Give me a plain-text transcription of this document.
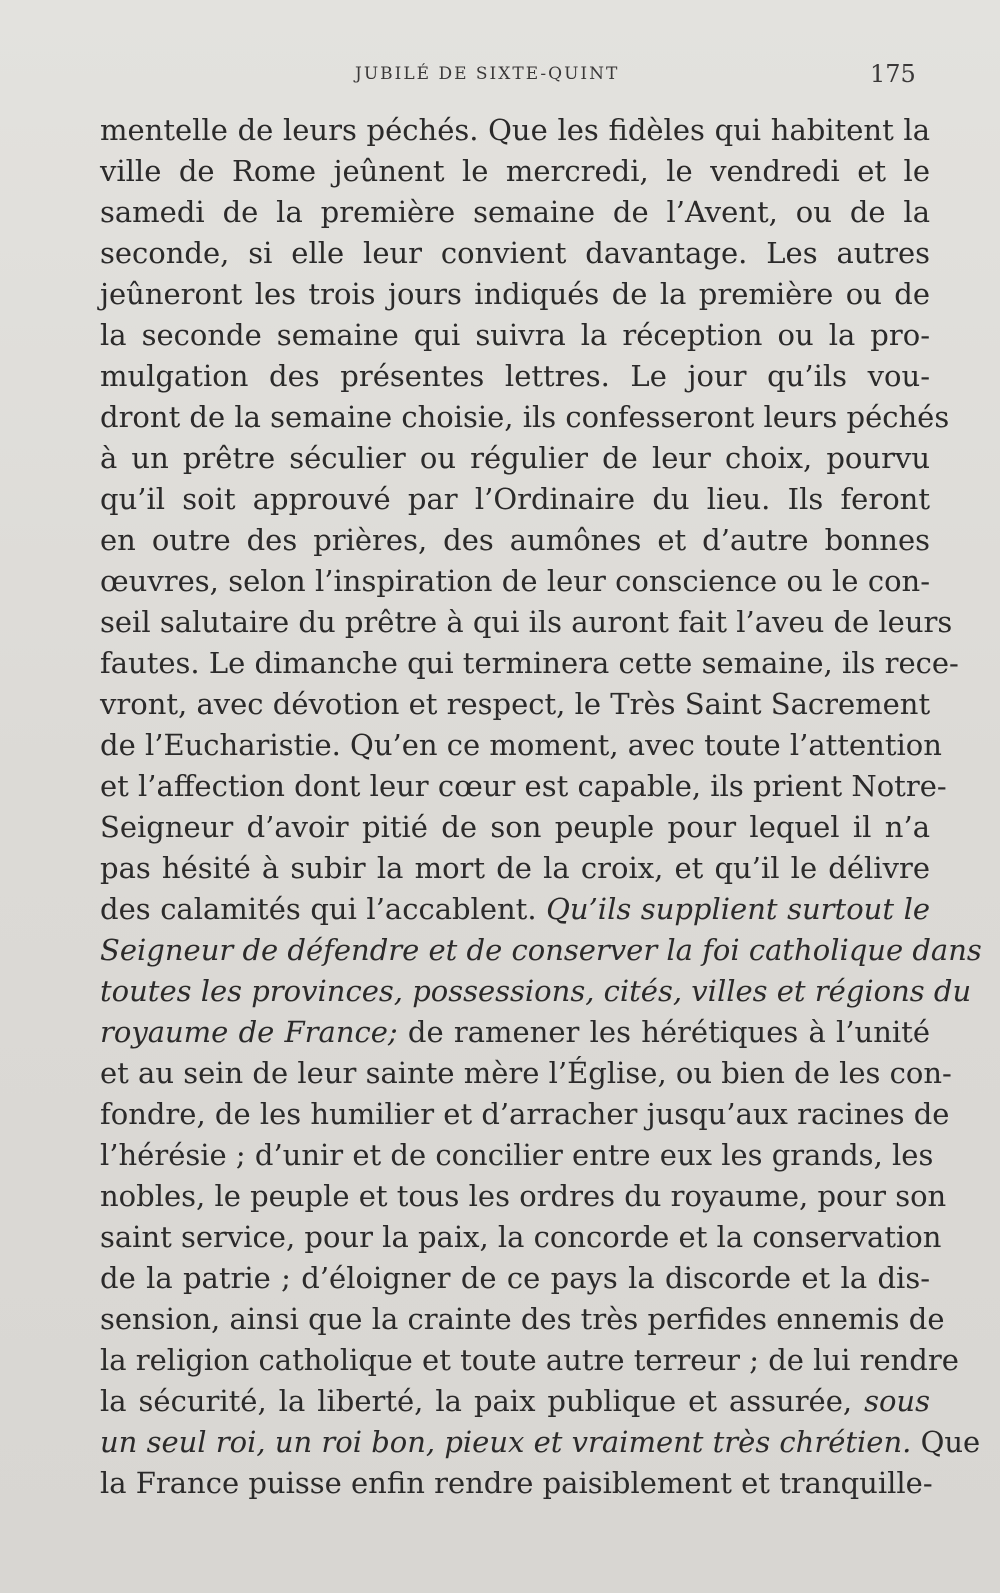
JUBILÉ DE SIXTE-QUINT	175
mentelle de leurs péchés. Que les fidèles qui habitent la
ville de Rome jeûnent le mercredi, le vendredi et le
samedi de la première semaine de l’Avent, ou de la
seconde, si elle leur convient davantage. Les autres
jeûneront les trois jours indiqués de la première ou de
la seconde semaine qui suivra la réception ou la pro-
mulgation des présentes lettres. Le jour qu’ils vou-
dront de la semaine choisie, ils confesseront leurs péchés
à un prêtre séculier ou régulier de leur choix, pourvu
qu’il soit approuvé par l’Ordinaire du lieu. Ils feront
en outre des prières, des aumônes et d’autre bonnes
œuvres, selon l’inspiration de leur conscience ou le con-
seil salutaire du prêtre à qui ils auront fait l’aveu de leurs
fautes. Le dimanche qui terminera cette semaine, ils rece-
vront, avec dévotion et respect, le Très Saint Sacrement
de l’Eucharistie. Qu’en ce moment, avec toute l’attention
et l’affection dont leur cœur est capable, ils prient Notre-
Seigneur d’avoir pitié de son peuple pour lequel il n’a
pas hésité à subir la mort de la croix, et qu’il le délivre
des calamités qui l’accablent. Qu’ils supplient surtout le
Seigneur de défendre et de conserver la foi catholique dans
toutes les provinces, possessions, cités, villes et régions du
royaume de France; de ramener les hérétiques à l’unité
et au sein de leur sainte mère l’Église, ou bien de les con-
fondre, de les humilier et d’arracher jusqu’aux racines de
l’hérésie ; d’unir et de concilier entre eux les grands, les
nobles, le peuple et tous les ordres du royaume, pour son
saint service, pour la paix, la concorde et la conservation
de la patrie ; d’éloigner de ce pays la discorde et la dis-
sension, ainsi que la crainte des très perfides ennemis de
la religion catholique et toute autre terreur ; de lui rendre
la sécurité, la liberté, la paix publique et assurée, sous
un seul roi, un roi bon, pieux et vraiment très chrétien. Que
la France puisse enfin rendre paisiblement et tranquille-
